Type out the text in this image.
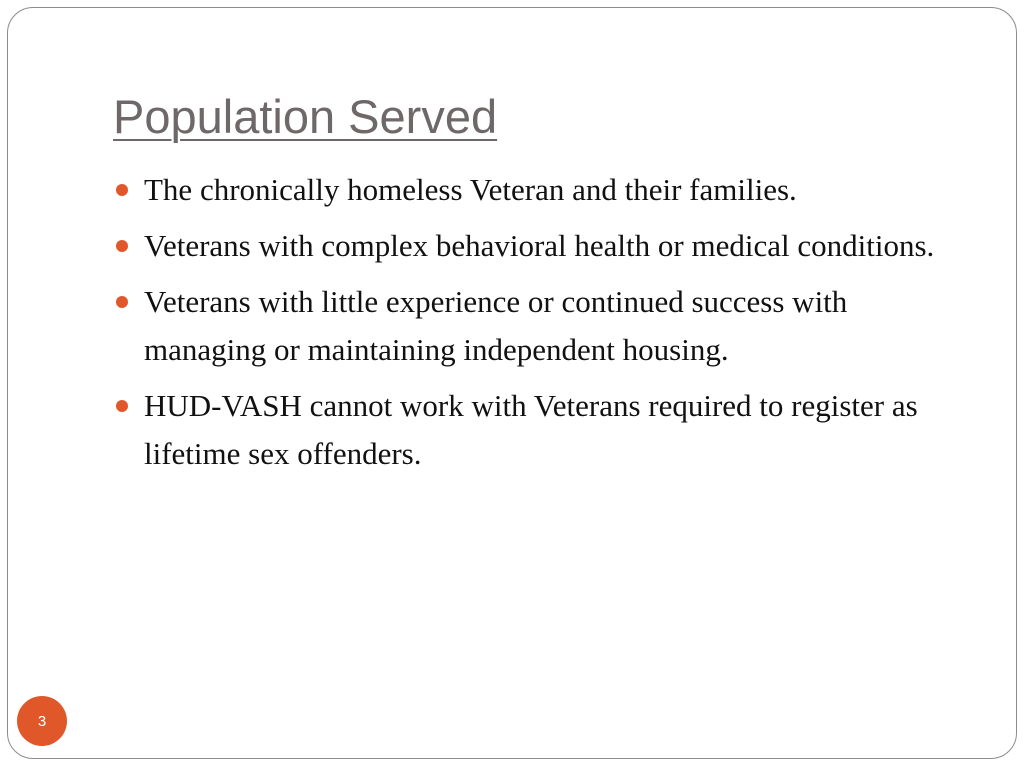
Population Served
The chronically homeless Veteran and their families.
Veterans with complex behavioral health or medical conditions.
Veterans with little experience or continued success with managing or maintaining independent housing.
HUD-VASH cannot work with Veterans required to register as lifetime sex offenders.
3
